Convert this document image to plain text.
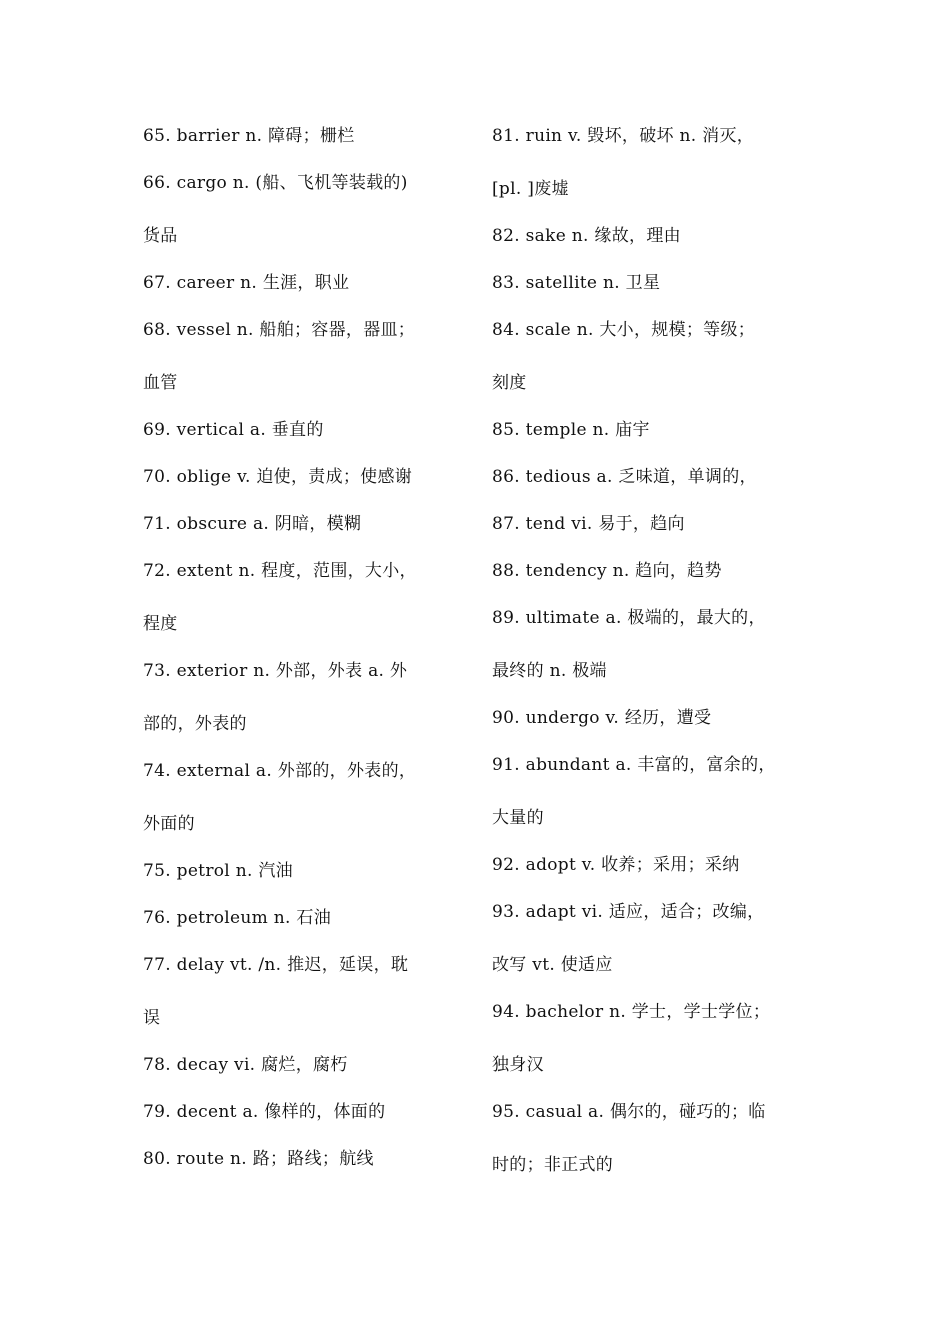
65. barrier n. 障碍；栅栏
66. cargo n. (船、飞机等装载的)
货品
67. career n. 生涯，职业
68. vessel n. 船舶；容器，器皿；
血管
69. vertical a. 垂直的
70. oblige v. 迫使，责成；使感谢
71. obscure a. 阴暗，模糊
72. extent n. 程度，范围，大小，
程度
73. exterior n. 外部，外表 a. 外
部的，外表的
74. external a. 外部的，外表的，
外面的
75. petrol n. 汽油
76. petroleum n. 石油
77. delay vt. /n. 推迟，延误，耽
误
78. decay vi. 腐烂，腐朽
79. decent a. 像样的，体面的
80. route n. 路；路线；航线
81. ruin v. 毁坏，破坏 n. 消灭，
[pl. ]废墟
82. sake n. 缘故，理由
83. satellite n. 卫星
84. scale n. 大小，规模；等级；
刻度
85. temple n. 庙宇
86. tedious a. 乏味道，单调的，
87. tend vi. 易于，趋向
88. tendency n. 趋向，趋势
89. ultimate a. 极端的，最大的，
最终的 n. 极端
90. undergo v. 经历，遭受
91. abundant a. 丰富的，富余的，
大量的
92. adopt v. 收养；采用；采纳
93. adapt vi. 适应，适合；改编，
改写 vt. 使适应
94. bachelor n. 学士，学士学位；
独身汉
95. casual a. 偶尔的，碰巧的；临
时的；非正式的
